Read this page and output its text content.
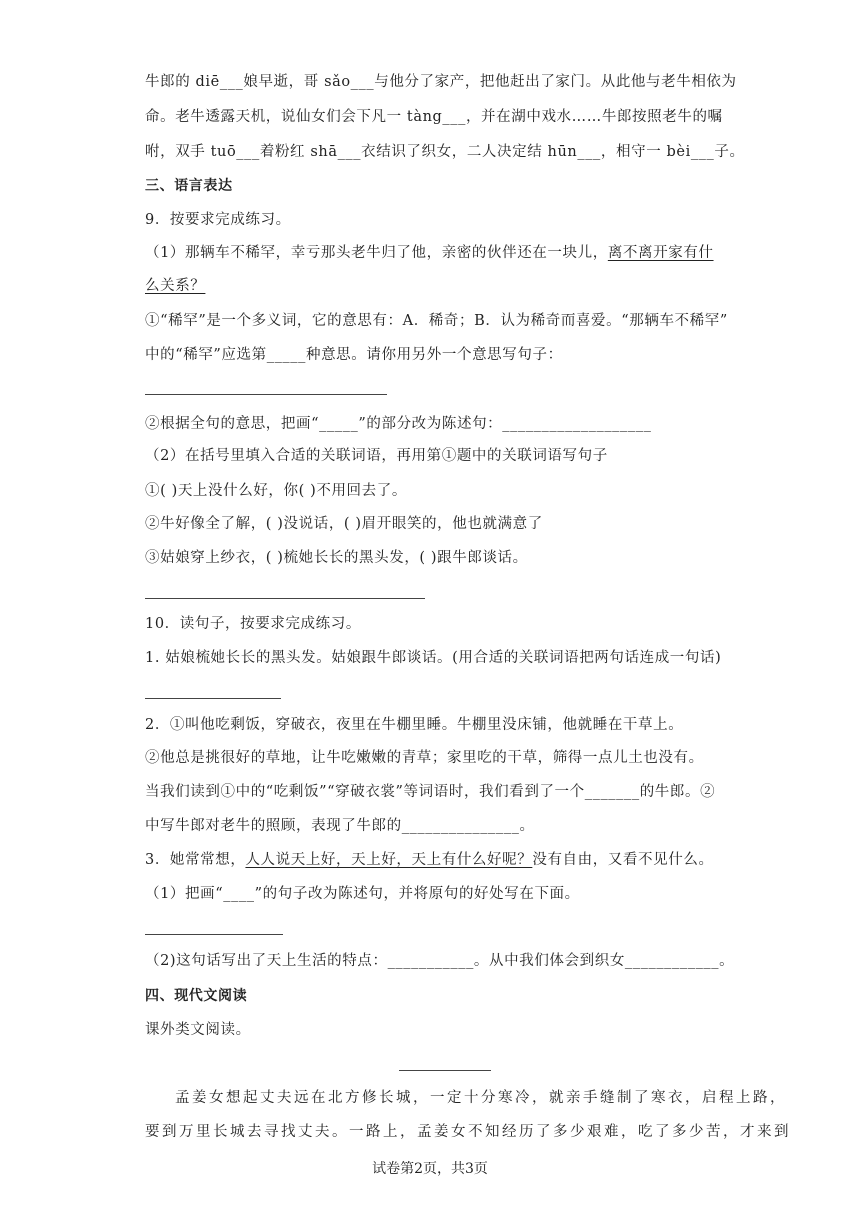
牛郎的 diē___娘早逝，哥 sǎo___与他分了家产，把他赶出了家门。从此他与老牛相依为
命。老牛透露天机，说仙女们会下凡一 tàng___，并在湖中戏水……牛郎按照老牛的嘱
咐，双手 tuō___着粉红 shā___衣结识了织女，二人决定结 hūn___，相守一 bèi___子。
三、语言表达
9．按要求完成练习。
（1）那辆车不稀罕，幸亏那头老牛归了他，亲密的伙伴还在一块儿，离不离开家有什
么关系？
①“稀罕”是一个多义词，它的意思有：A．稀奇；B．认为稀奇而喜爱。“那辆车不稀罕”
中的“稀罕”应选第_____种意思。请你用另外一个意思写句子：
②根据全句的意思，把画“_____”的部分改为陈述句：___________________
（2）在括号里填入合适的关联词语，再用第①题中的关联词语写句子
①( )天上没什么好，你( )不用回去了。
②牛好像全了解，( )没说话，( )眉开眼笑的，他也就满意了
③姑娘穿上纱衣，( )梳她长长的黑头发，( )跟牛郎谈话。
10．读句子，按要求完成练习。
1. 姑娘梳她长长的黑头发。姑娘跟牛郎谈话。(用合适的关联词语把两句话连成一句话)
2．①叫他吃剩饭，穿破衣，夜里在牛棚里睡。牛棚里没床铺，他就睡在干草上。
②他总是挑很好的草地，让牛吃嫩嫩的青草；家里吃的干草，筛得一点儿土也没有。
当我们读到①中的“吃剩饭”“穿破衣裳”等词语时，我们看到了一个_______的牛郎。②
中写牛郎对老牛的照顾，表现了牛郎的_______________。
3．她常常想，人人说天上好，天上好，天上有什么好呢？没有自由，又看不见什么。
（1）把画“____”的句子改为陈述句，并将原句的好处写在下面。
（2)这句话写出了天上生活的特点：___________。从中我们体会到织女____________。
四、现代文阅读
课外类文阅读。
孟姜女想起丈夫远在北方修长城，一定十分寒冷，就亲手缝制了寒衣，启程上路，
要到万里长城去寻找丈夫。一路上，孟姜女不知经历了多少艰难，吃了多少苦，才来到
试卷第2页，共3页
